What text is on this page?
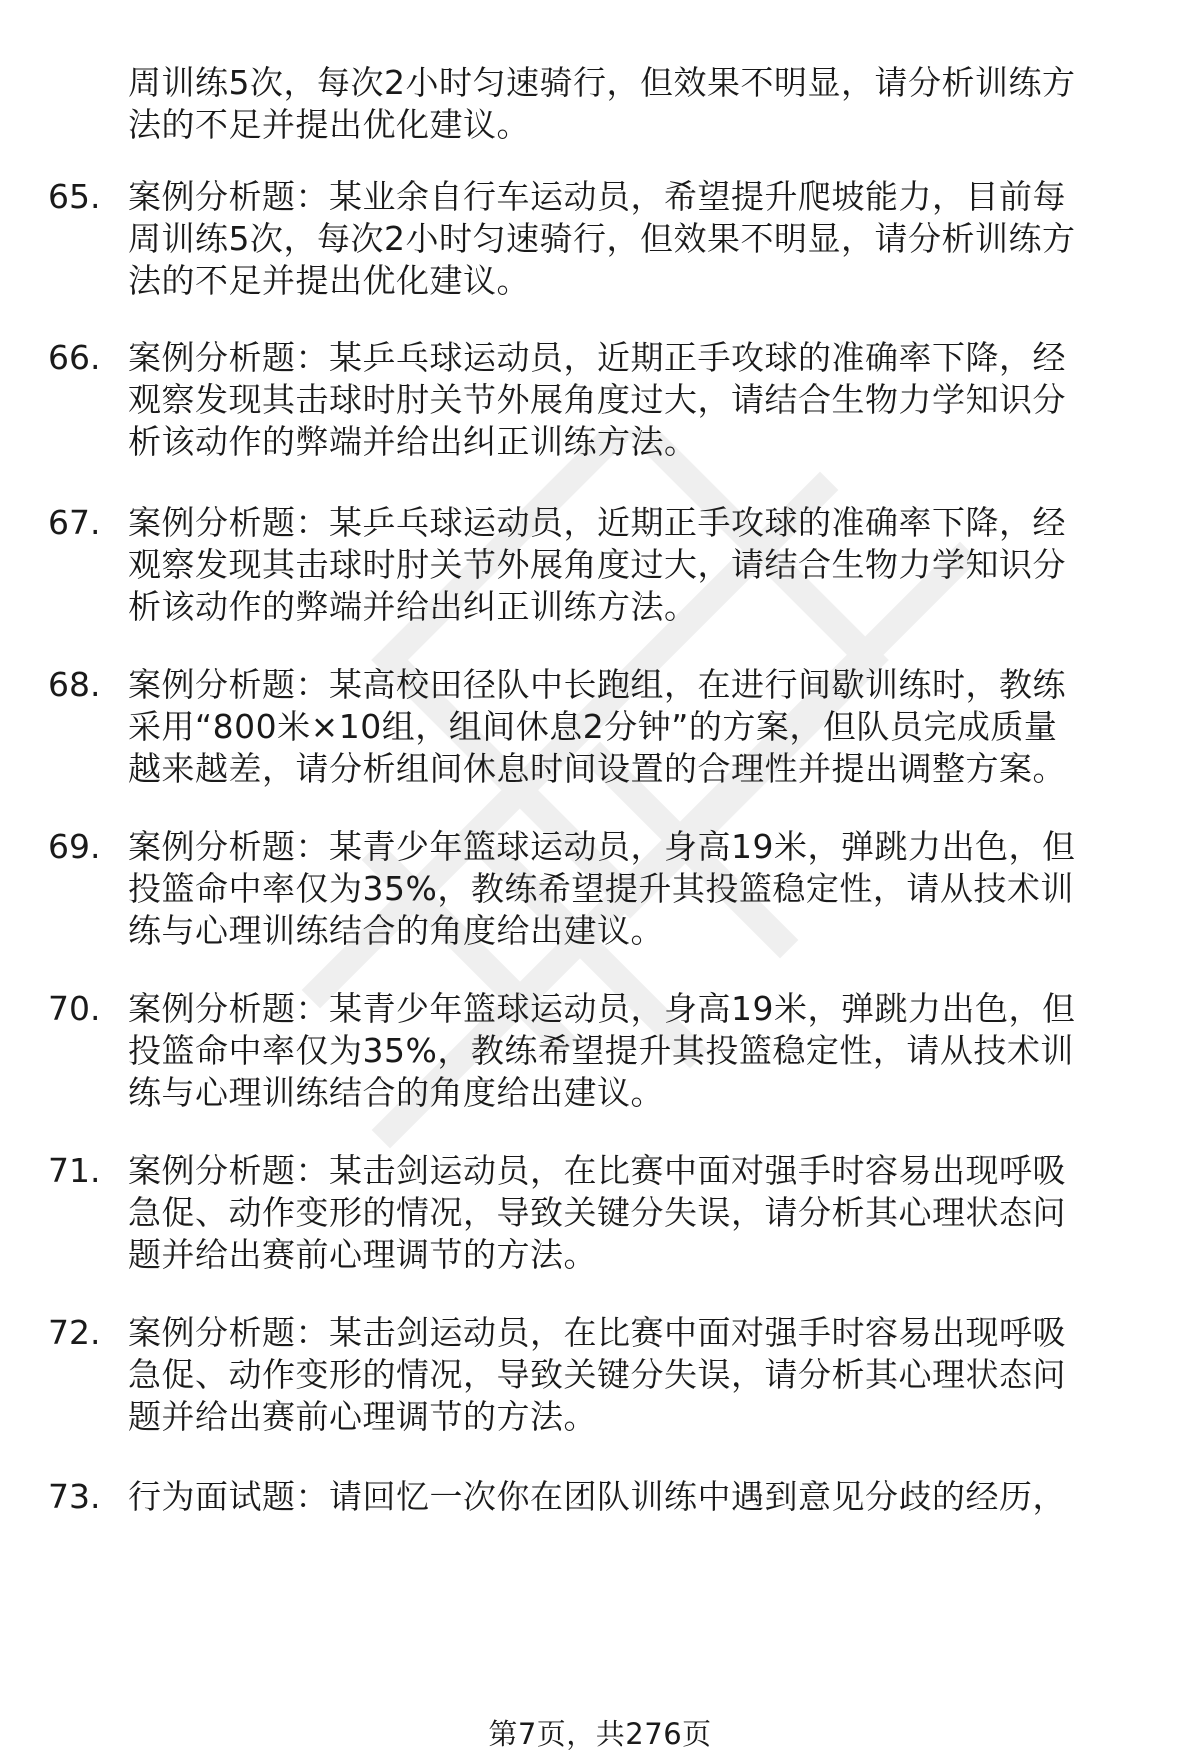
周训练5次，每次2小时匀速骑行，但效果不明显，请分析训练方
法的不足并提出优化建议。
65. 案例分析题：某业余自行车运动员，希望提升爬坡能力，目前每
周训练5次，每次2小时匀速骑行，但效果不明显，请分析训练方
法的不足并提出优化建议。
66. 案例分析题：某乒乓球运动员，近期正手攻球的准确率下降，经
观察发现其击球时肘关节外展角度过大，请结合生物力学知识分
析该动作的弊端并给出纠正训练方法。
67. 案例分析题：某乒乓球运动员，近期正手攻球的准确率下降，经
观察发现其击球时肘关节外展角度过大，请结合生物力学知识分
析该动作的弊端并给出纠正训练方法。
68. 案例分析题：某高校田径队中长跑组，在进行间歇训练时，教练
采用“800米×10组，组间休息2分钟”的方案，但队员完成质量
越来越差，请分析组间休息时间设置的合理性并提出调整方案。
69. 案例分析题：某青少年篮球运动员，身高19米，弹跳力出色，但
投篮命中率仅为35%，教练希望提升其投篮稳定性，请从技术训
练与心理训练结合的角度给出建议。
70. 案例分析题：某青少年篮球运动员，身高19米，弹跳力出色，但
投篮命中率仅为35%，教练希望提升其投篮稳定性，请从技术训
练与心理训练结合的角度给出建议。
71. 案例分析题：某击剑运动员，在比赛中面对强手时容易出现呼吸
急促、动作变形的情况，导致关键分失误，请分析其心理状态问
题并给出赛前心理调节的方法。
72. 案例分析题：某击剑运动员，在比赛中面对强手时容易出现呼吸
急促、动作变形的情况，导致关键分失误，请分析其心理状态问
题并给出赛前心理调节的方法。
73. 行为面试题：请回忆一次你在团队训练中遇到意见分歧的经历，
第7页，共276页
